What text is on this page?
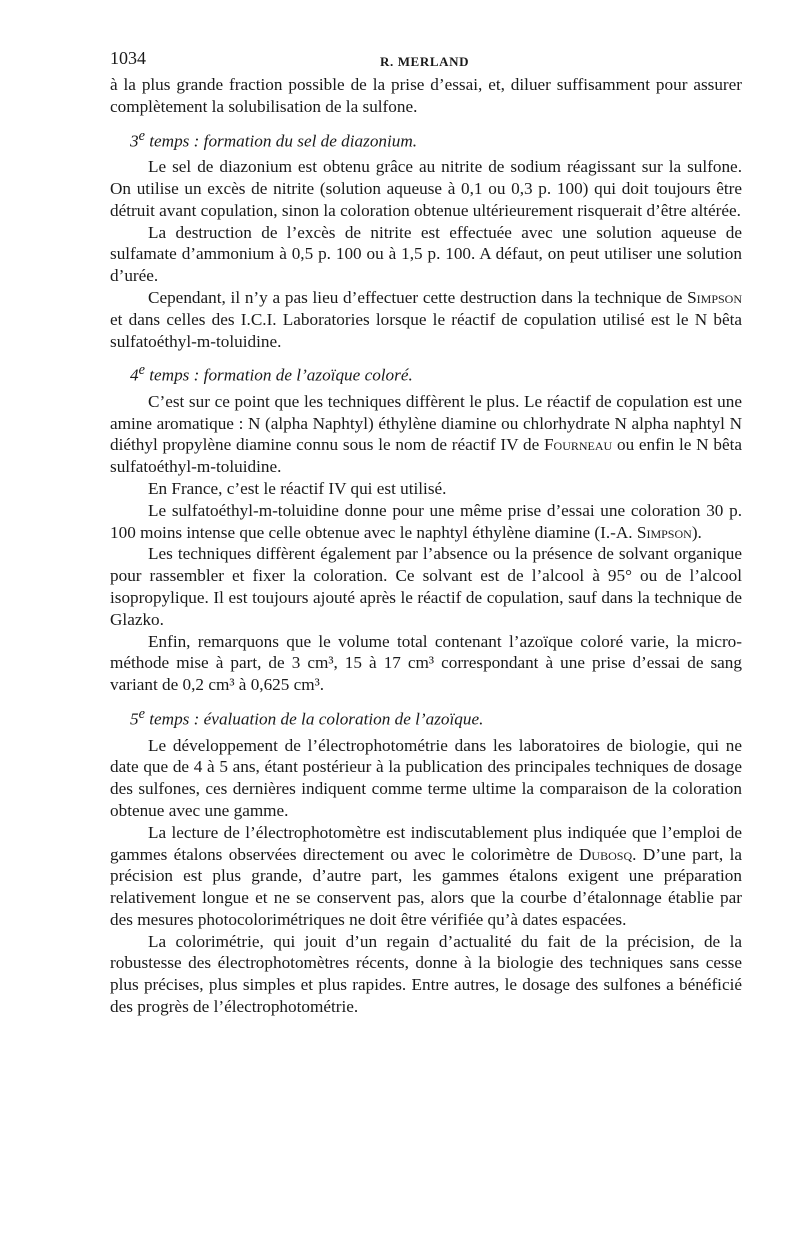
1034	R. MERLAND

à la plus grande fraction possible de la prise d’essai, et, diluer suffisamment pour assurer complètement la solubilisation de la sulfone.

3e temps : formation du sel de diazonium.

Le sel de diazonium est obtenu grâce au nitrite de sodium réagissant sur la sulfone. On utilise un excès de nitrite (solution aqueuse à 0,1 ou 0,3 p. 100) qui doit toujours être détruit avant copulation, sinon la coloration obtenue ultérieurement risquerait d’être altérée.

La destruction de l’excès de nitrite est effectuée avec une solution aqueuse de sulfamate d’ammonium à 0,5 p. 100 ou à 1,5 p. 100. A défaut, on peut utiliser une solution d’urée.

Cependant, il n’y a pas lieu d’effectuer cette destruction dans la technique de Simpson et dans celles des I.C.I. Laboratories lorsque le réactif de copulation utilisé est le N bêta sulfatoéthyl-m-toluidine.

4e temps : formation de l’azoïque coloré.

C’est sur ce point que les techniques diffèrent le plus. Le réactif de copulation est une amine aromatique : N (alpha Naphtyl) éthylène diamine ou chlorhydrate N alpha naphtyl N diéthyl propylène diamine connu sous le nom de réactif IV de Fourneau ou enfin le N bêta sulfatoéthyl-m-toluidine.

En France, c’est le réactif IV qui est utilisé.

Le sulfatoéthyl-m-toluidine donne pour une même prise d’essai une coloration 30 p. 100 moins intense que celle obtenue avec le naphtyl éthylène diamine (I.-A. Simpson).

Les techniques diffèrent également par l’absence ou la présence de solvant organique pour rassembler et fixer la coloration. Ce solvant est de l’alcool à 95° ou de l’alcool isopropylique. Il est toujours ajouté après le réactif de copulation, sauf dans la technique de Glazko.

Enfin, remarquons que le volume total contenant l’azoïque coloré varie, la micro-méthode mise à part, de 3 cm³, 15 à 17 cm³ correspondant à une prise d’essai de sang variant de 0,2 cm³ à 0,625 cm³.

5e temps : évaluation de la coloration de l’azoïque.

Le développement de l’électrophotométrie dans les laboratoires de biologie, qui ne date que de 4 à 5 ans, étant postérieur à la publication des principales techniques de dosage des sulfones, ces dernières indiquent comme terme ultime la comparaison de la coloration obtenue avec une gamme.

La lecture de l’électrophotomètre est indiscutablement plus indiquée que l’emploi de gammes étalons observées directement ou avec le colorimètre de Dubosq. D’une part, la précision est plus grande, d’autre part, les gammes étalons exigent une préparation relativement longue et ne se conservent pas, alors que la courbe d’étalonnage établie par des mesures photocolorimétriques ne doit être vérifiée qu’à dates espacées.

La colorimétrie, qui jouit d’un regain d’actualité du fait de la précision, de la robustesse des électrophotomètres récents, donne à la biologie des techniques sans cesse plus précises, plus simples et plus rapides. Entre autres, le dosage des sulfones a bénéficié des progrès de l’électrophotométrie.
